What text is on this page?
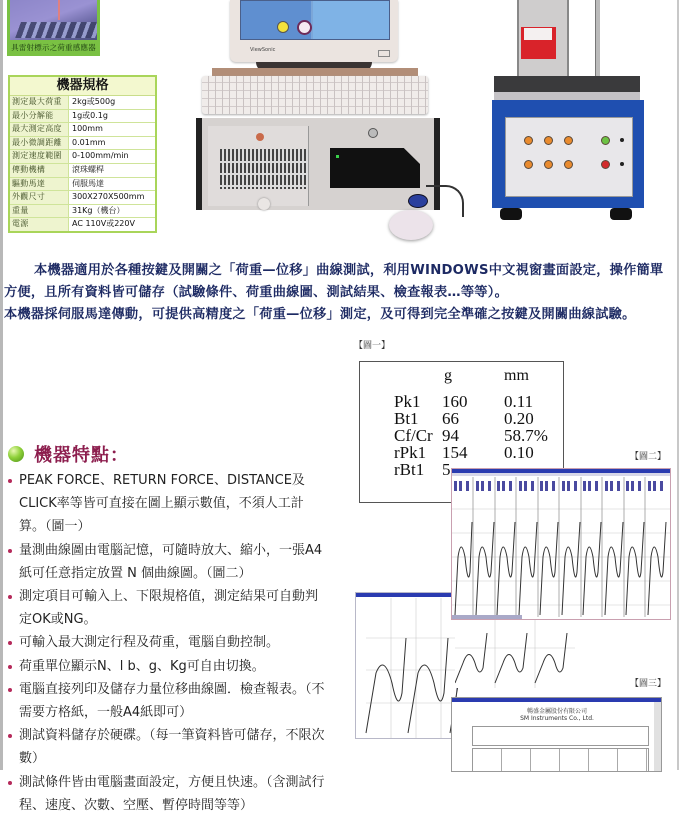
具雷射標示之荷重感應器
機器規格
測定最大荷重	2kg或500g
最小分解能	1g或0.1g
最大測定高度	100mm
最小微調距離	0.01mm
測定速度範圍	0-100mm/min
傳動機構	滾珠螺桿
驅動馬達	伺服馬達
外觀尺寸	300X270X500mm
重量	31Kg（機台）
電源	AC 110V或220V
ViewSonic

本機器適用於各種按鍵及開關之「荷重—位移」曲線測試，利用WINDOWS中文視窗畫面設定，操作簡單方便，且所有資料皆可儲存（試驗條件、荷重曲線圖、測試結果、檢查報表…等等）。

本機器採伺服馬達傳動，可提供高精度之「荷重—位移」測定，及可得到完全準確之按鍵及開關曲線試驗。

【圖一】
【圖二】
【圖三】
g	mm
Pk1 160 0.11
Bt1 66	0.20
Cf/Cr 94	58.7%
rPk1 154 0.10
rBt1 5
暢盛金屬股份有限公司
SM Instruments Co., Ltd.
機器特點：
PEAK FORCE、RETURN FORCE、DISTANCE及CLICK率等皆可直接在圖上顯示數值，不須人工計算。（圖一）
量測曲線圖由電腦記憶，可隨時放大、縮小，一張A4紙可任意指定放置 N 個曲線圖。（圖二）
測定項目可輸入上、下限規格值，測定結果可自動判定OK或NG。
可輸入最大測定行程及荷重，電腦自動控制。
荷重單位顯示N、l b、g、Kg可自由切換。
電腦直接列印及儲存力量位移曲線圖．檢查報表。（不需要方格紙，一般A4紙即可）
測試資料儲存於硬碟。（每一筆資料皆可儲存，不限次數）
測試條件皆由電腦畫面設定，方便且快速。（含測試行程、速度、次數、空壓、暫停時間等等）
